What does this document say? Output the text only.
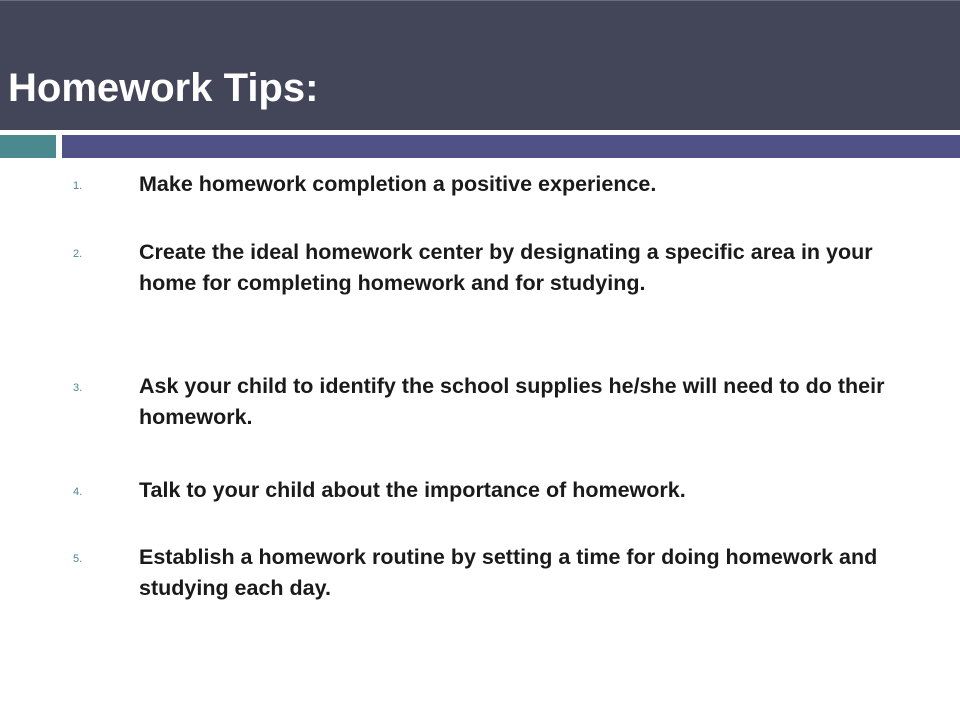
Homework Tips:
1.	Make homework completion a positive experience.
2.	Create the ideal homework center by designating a specific area in your home for completing homework and for studying.
3.	Ask your child to identify the school supplies he/she will need to do their homework.
4.	Talk to your child about the importance of homework.
5.	Establish a homework routine by setting a time for doing homework and studying each day.
